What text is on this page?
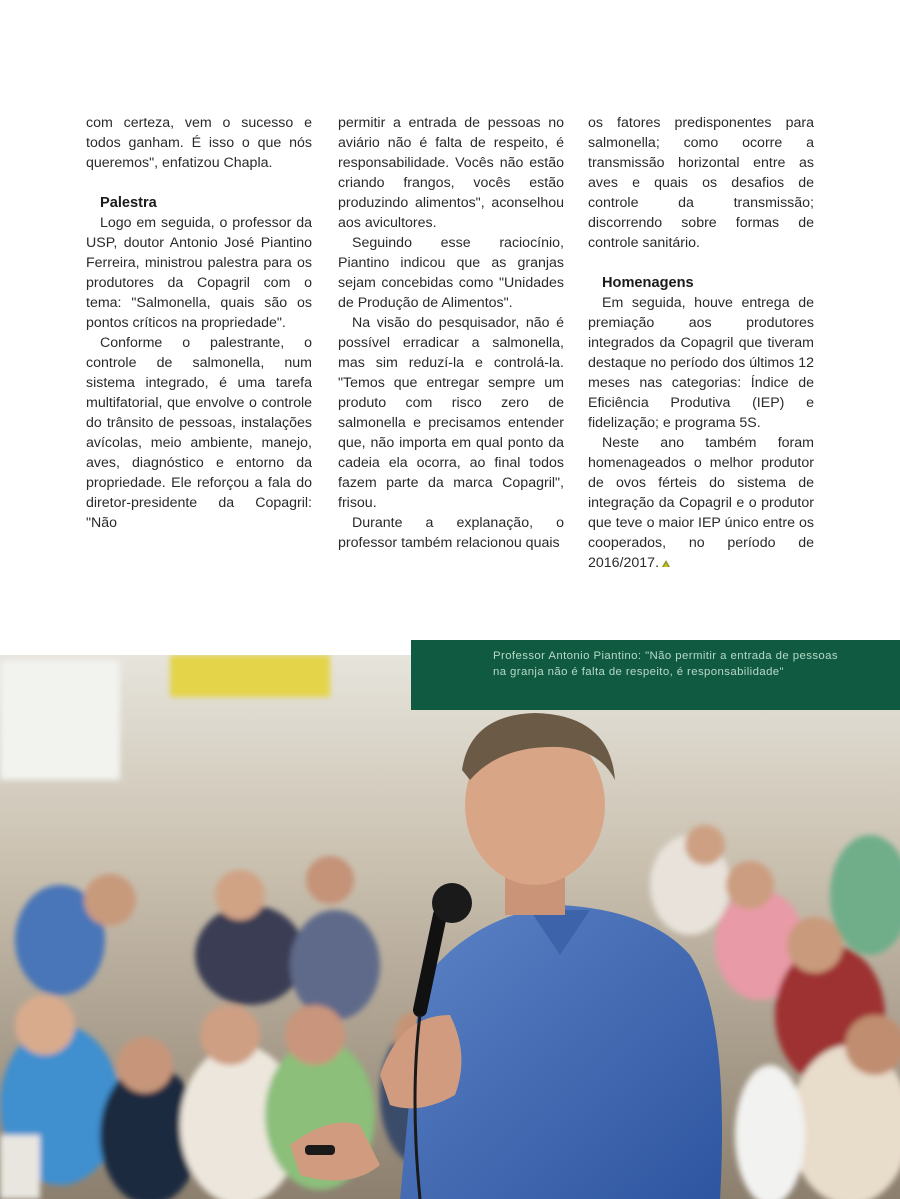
com certeza, vem o sucesso e todos ganham. É isso o que nós queremos", enfatizou Chapla.

Palestra

Logo em seguida, o professor da USP, doutor Antonio José Piantino Ferreira, ministrou palestra para os produtores da Copagril com o tema: "Salmonella, quais são os pontos críticos na propriedade".

Conforme o palestrante, o controle de salmonella, num sistema integrado, é uma tarefa multifatorial, que envolve o controle do trânsito de pessoas, instalações avícolas, meio ambiente, manejo, aves, diagnóstico e entorno da propriedade. Ele reforçou a fala do diretor-presidente da Copagril: "Não

permitir a entrada de pessoas no aviário não é falta de respeito, é responsabilidade. Vocês não estão criando frangos, vocês estão produzindo alimentos", aconselhou aos avicultores.

Seguindo esse raciocínio, Piantino indicou que as granjas sejam concebidas como "Unidades de Produção de Alimentos".

Na visão do pesquisador, não é possível erradicar a salmonella, mas sim reduzí-la e controlá-la. "Temos que entregar sempre um produto com risco zero de salmonella e precisamos entender que, não importa em qual ponto da cadeia ela ocorra, ao final todos fazem parte da marca Copagril", frisou.

Durante a explanação, o professor também relacionou quais

os fatores predisponentes para salmonella; como ocorre a transmissão horizontal entre as aves e quais os desafios de controle da transmissão; discorrendo sobre formas de controle sanitário.

Homenagens

Em seguida, houve entrega de premiação aos produtores integrados da Copagril que tiveram destaque no período dos últimos 12 meses nas categorias: Índice de Eficiência Produtiva (IEP) e fidelização; e programa 5S.

Neste ano também foram homenageados o melhor produtor de ovos férteis do sistema de integração da Copagril e o produtor que teve o maior IEP único entre os cooperados, no período de 2016/2017.

Professor Antonio Piantino: "Não permitir a entrada de pessoas na granja não é falta de respeito, é responsabilidade"
